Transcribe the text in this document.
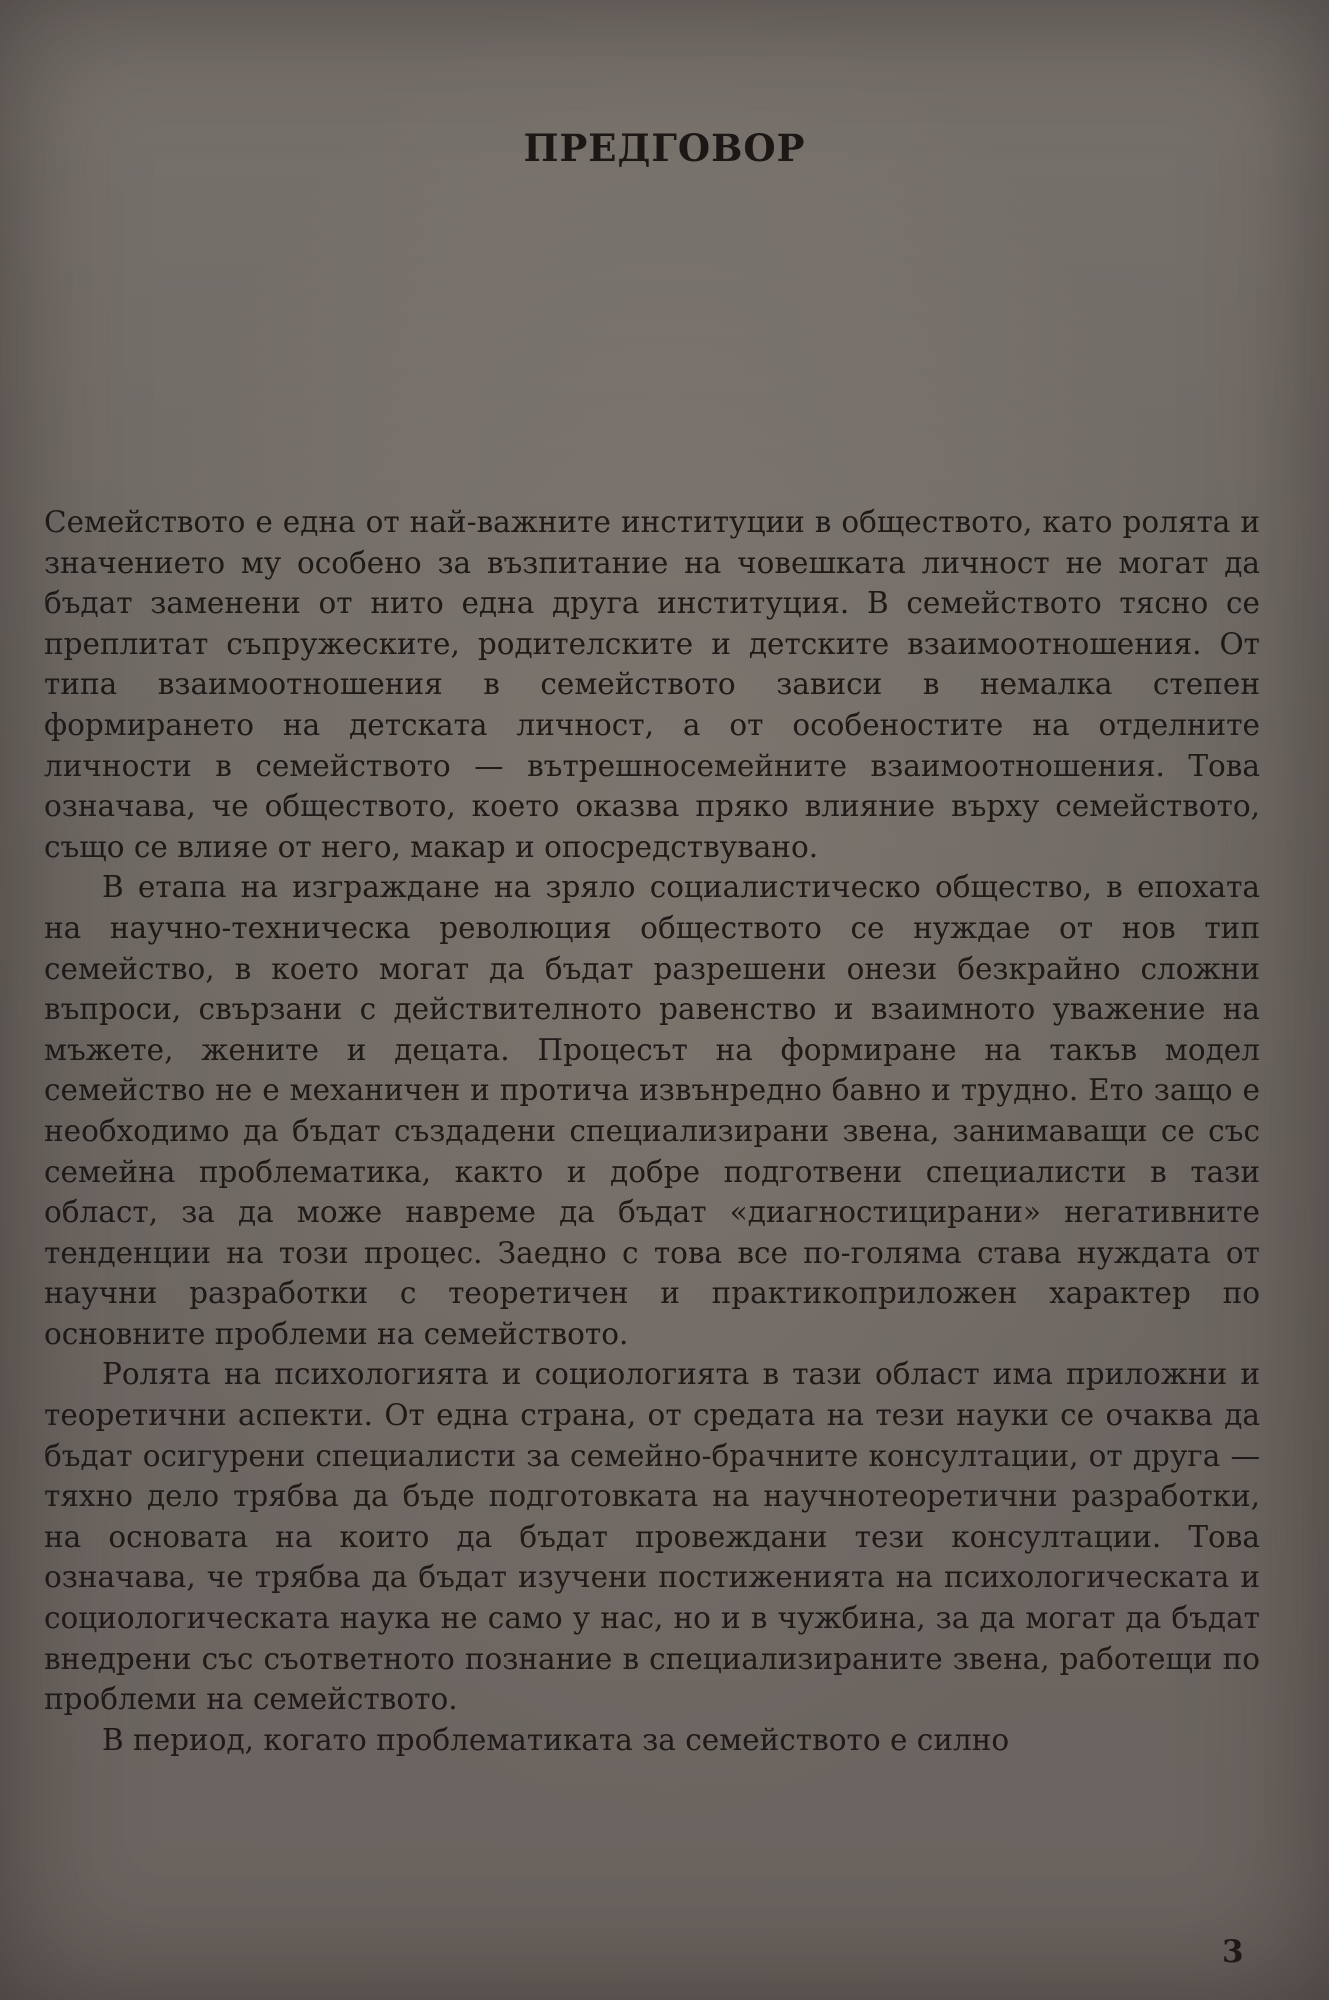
ПРЕДГОВОР

Семейството е една от най-важните институции в обществото, като ролята и значението му особено за възпитание на човешката личност не могат да бъдат заменени от нито една друга институция. В семейството тясно се преплитат съпружеските, родителските и детските взаимоотношения. От типа взаимоотношения в семейството зависи в немалка степен формирането на детската личност, а от особеностите на отделните личности в семейството — вътрешносемейните взаимоотношения. Това означава, че обществото, което оказва пряко влияние върху семейството, също се влияе от него, макар и опосредствувано.

В етапа на изграждане на зряло социалистическо общество, в епохата на научно-техническа революция обществото се нуждае от нов тип семейство, в което могат да бъдат разрешени онези безкрайно сложни въпроси, свързани с действителното равенство и взаимното уважение на мъжете, жените и децата. Процесът на формиране на такъв модел семейство не е механичен и протича извънредно бавно и трудно. Ето защо е необходимо да бъдат създадени специализирани звена, занимаващи се със семейна проблематика, както и добре подготвени специалисти в тази област, за да може навреме да бъдат «диагностицирани» негативните тенденции на този процес. Заедно с това все по-голяма става нуждата от научни разработки с теоретичен и практикоприложен характер по основните проблеми на семейството.

Ролята на психологията и социологията в тази област има приложни и теоретични аспекти. От една страна, от средата на тези науки се очаква да бъдат осигурени специалисти за семейно-брачните консултации, от друга — тяхно дело трябва да бъде подготовката на научнотеоретични разработки, на основата на които да бъдат провеждани тези консултации. Това означава, че трябва да бъдат изучени постиженията на психологическата и социологическата наука не само у нас, но и в чужбина, за да могат да бъдат внедрени със съответното познание в специализираните звена, работещи по проблеми на семейството.

В период, когато проблематиката за семейството е силно

3
